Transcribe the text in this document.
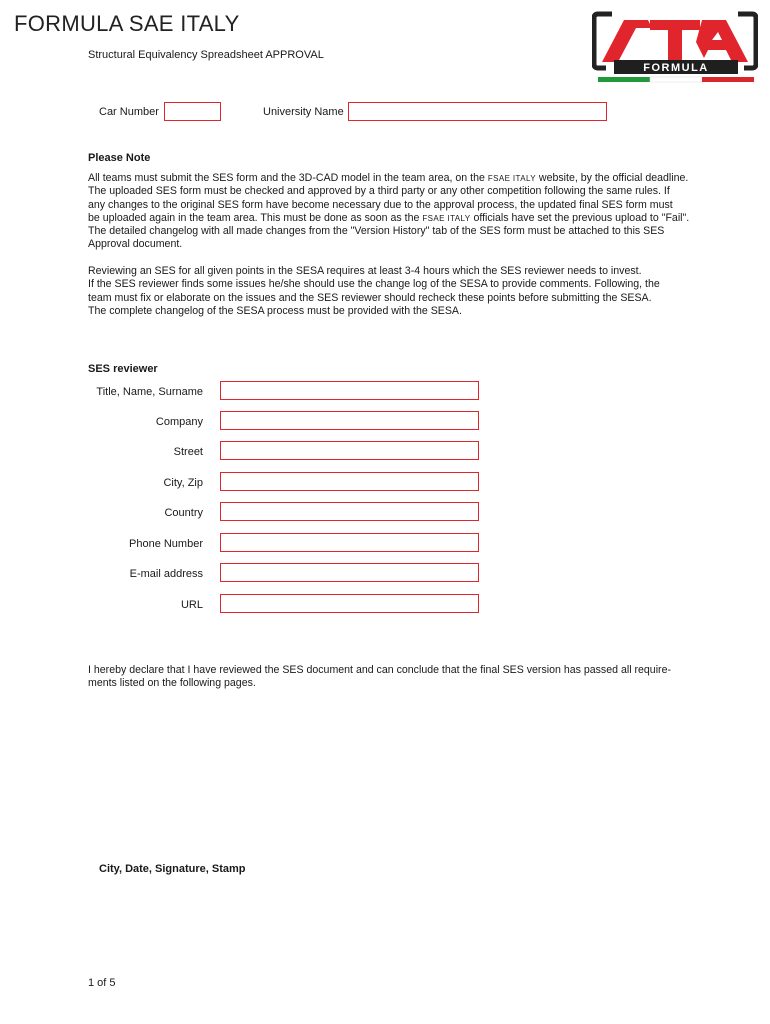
FORMULA SAE ITALY
Structural Equivalency Spreadsheet APPROVAL
FORMULA
Car Number	University Name
Please Note

All teams must submit the SES form and the 3D-CAD model in the team area, on the FSAE ITALY website, by the official deadline.

The uploaded SES form must be checked and approved by a third party or any other competition following the same rules. If

any changes to the original SES form have become necessary due to the approval process, the updated final SES form must

be uploaded again in the team area. This must be done as soon as the FSAE ITALY officials have set the previous upload to "Fail".

The detailed changelog with all made changes from the "Version History" tab of the SES form must be attached to this SES

Approval document.

Reviewing an SES for all given points in the SESA requires at least 3-4 hours which the SES reviewer needs to invest.

If the SES reviewer finds some issues he/she should use the change log of the SESA to provide comments. Following, the

team must fix or elaborate on the issues and the SES reviewer should recheck these points before submitting the SESA.

The complete changelog of the SESA process must be provided with the SESA.

SES reviewer
Title, Name, Surname
Company
Street
City, Zip
Country
Phone Number
E-mail address
URL

I hereby declare that I have reviewed the SES document and can conclude that the final SES version has passed all require-

ments listed on the following pages.

City, Date, Signature, Stamp
1 of 5
